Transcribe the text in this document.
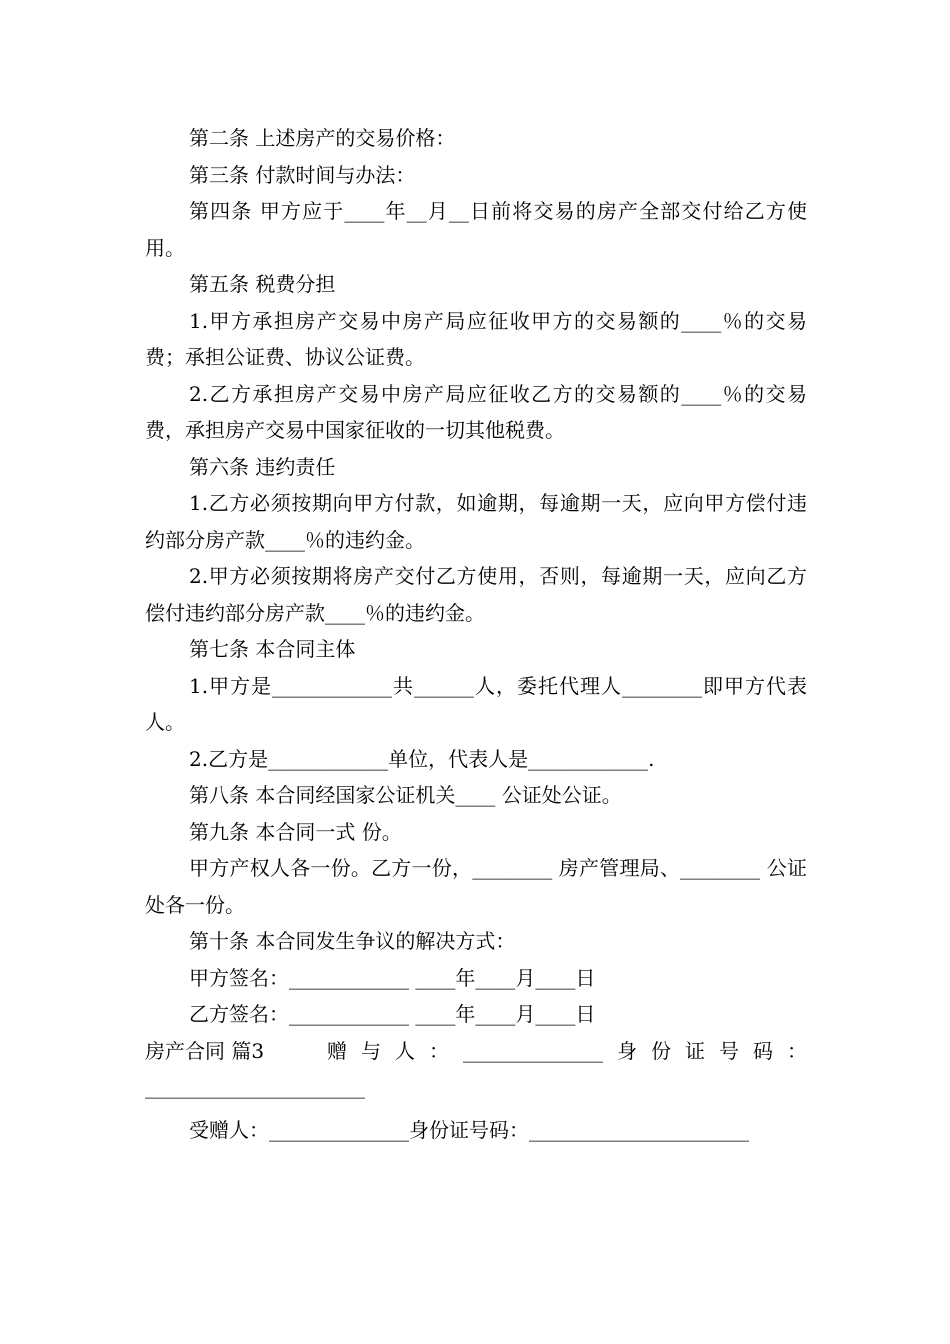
第二条 上述房产的交易价格：

第三条 付款时间与办法：

第四条 甲方应于____年__月__日前将交易的房产全部交付给乙方使用。

第五条 税费分担

1.甲方承担房产交易中房产局应征收甲方的交易额的____％的交易费；承担公证费、协议公证费。

2.乙方承担房产交易中房产局应征收乙方的交易额的____％的交易费，承担房产交易中国家征收的一切其他税费。

第六条 违约责任

1.乙方必须按期向甲方付款，如逾期，每逾期一天，应向甲方偿付违约部分房产款____％的违约金。

2.甲方必须按期将房产交付乙方使用，否则，每逾期一天，应向乙方偿付违约部分房产款____％的违约金。

第七条 本合同主体

1.甲方是____________共______人，委托代理人________即甲方代表人。

2.乙方是____________单位，代表人是____________.

第八条 本合同经国家公证机关____ 公证处公证。

第九条 本合同一式 份。

甲方产权人各一份。乙方一份，________ 房产管理局、________ 公证处各一份。

第十条 本合同发生争议的解决方式：

甲方签名：____________ ____年____月____日

乙方签名：____________ ____年____月____日

房产合同 篇3 赠与人：______________身份证号码：______________________

受赠人：______________身份证号码：______________________
